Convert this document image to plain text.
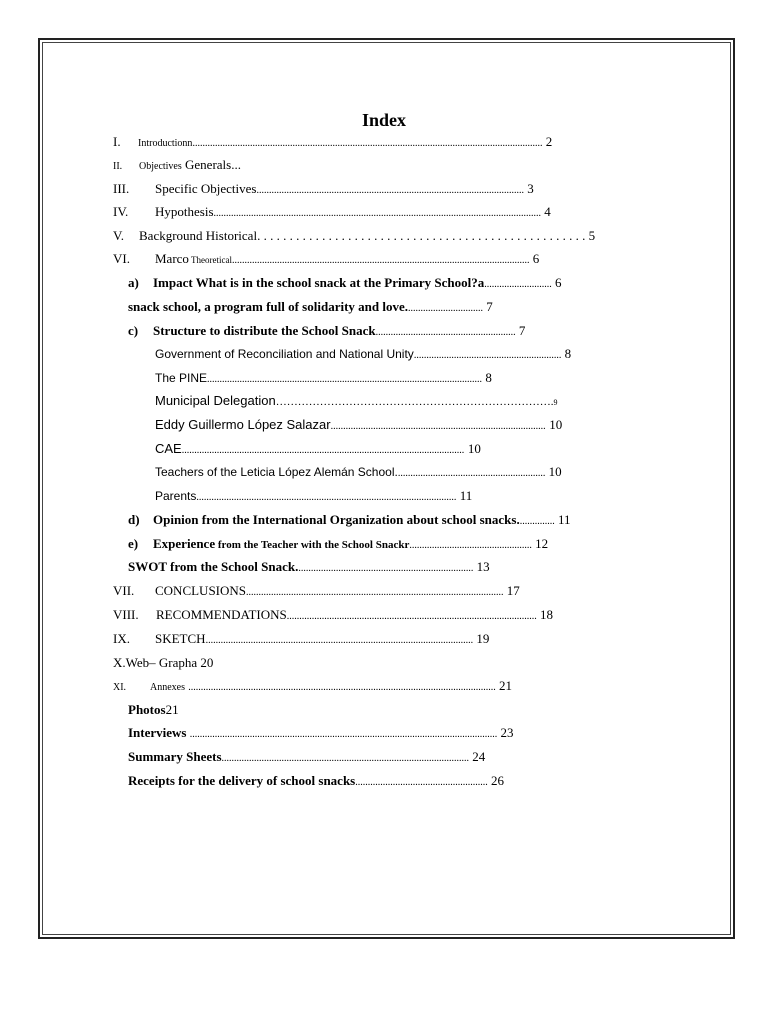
Index
I. Introductionn............................................................................................................................................ 2
II. Objectives Generals...
III. Specific Objectives........................................................................................................... 3
IV. Hypothesis................................................................................................................................... 4
V. Background Historical. . . . . . . . . . . . . . . . . . . . . . . . . . . . . . . . . . . . . . . . . . . . . . . . . . . 5
VI. Marco Theoretical....................................................................................................................... 6
a) Impact What is in the school snack at the Primary School?a........................... 6
snack school, a program full of solidarity and love............................... 7
c) Structure to distribute the School Snack........................................................ 7
Government of Reconciliation and National Unity........................................................... 8
The PINE.............................................................................................................. 8
Municipal Delegation………………………………………………………………….9
Eddy Guillermo López Salazar...................................................................................... 10
CAE................................................................................................................. 10
Teachers of the Leticia López Alemán School............................................................ 10
Parents........................................................................................................ 11
d) Opinion from the International Organization about school snacks............... 11
e) Experience from the Teacher with the School Snackr................................................. 12
SWOT from the School Snack....................................................................... 13
VII. CONCLUSIONS....................................................................................................... 17
VIII. RECOMMENDATIONS.................................................................................................... 18
IX. SKETCH........................................................................................................... 19
X.Web– Grapha 20
XI. Annexes ........................................................................................................................... 21
Photos21
Interviews ........................................................................................................................... 23
Summary Sheets................................................................................................... 24
Receipts for the delivery of school snacks..................................................... 26
